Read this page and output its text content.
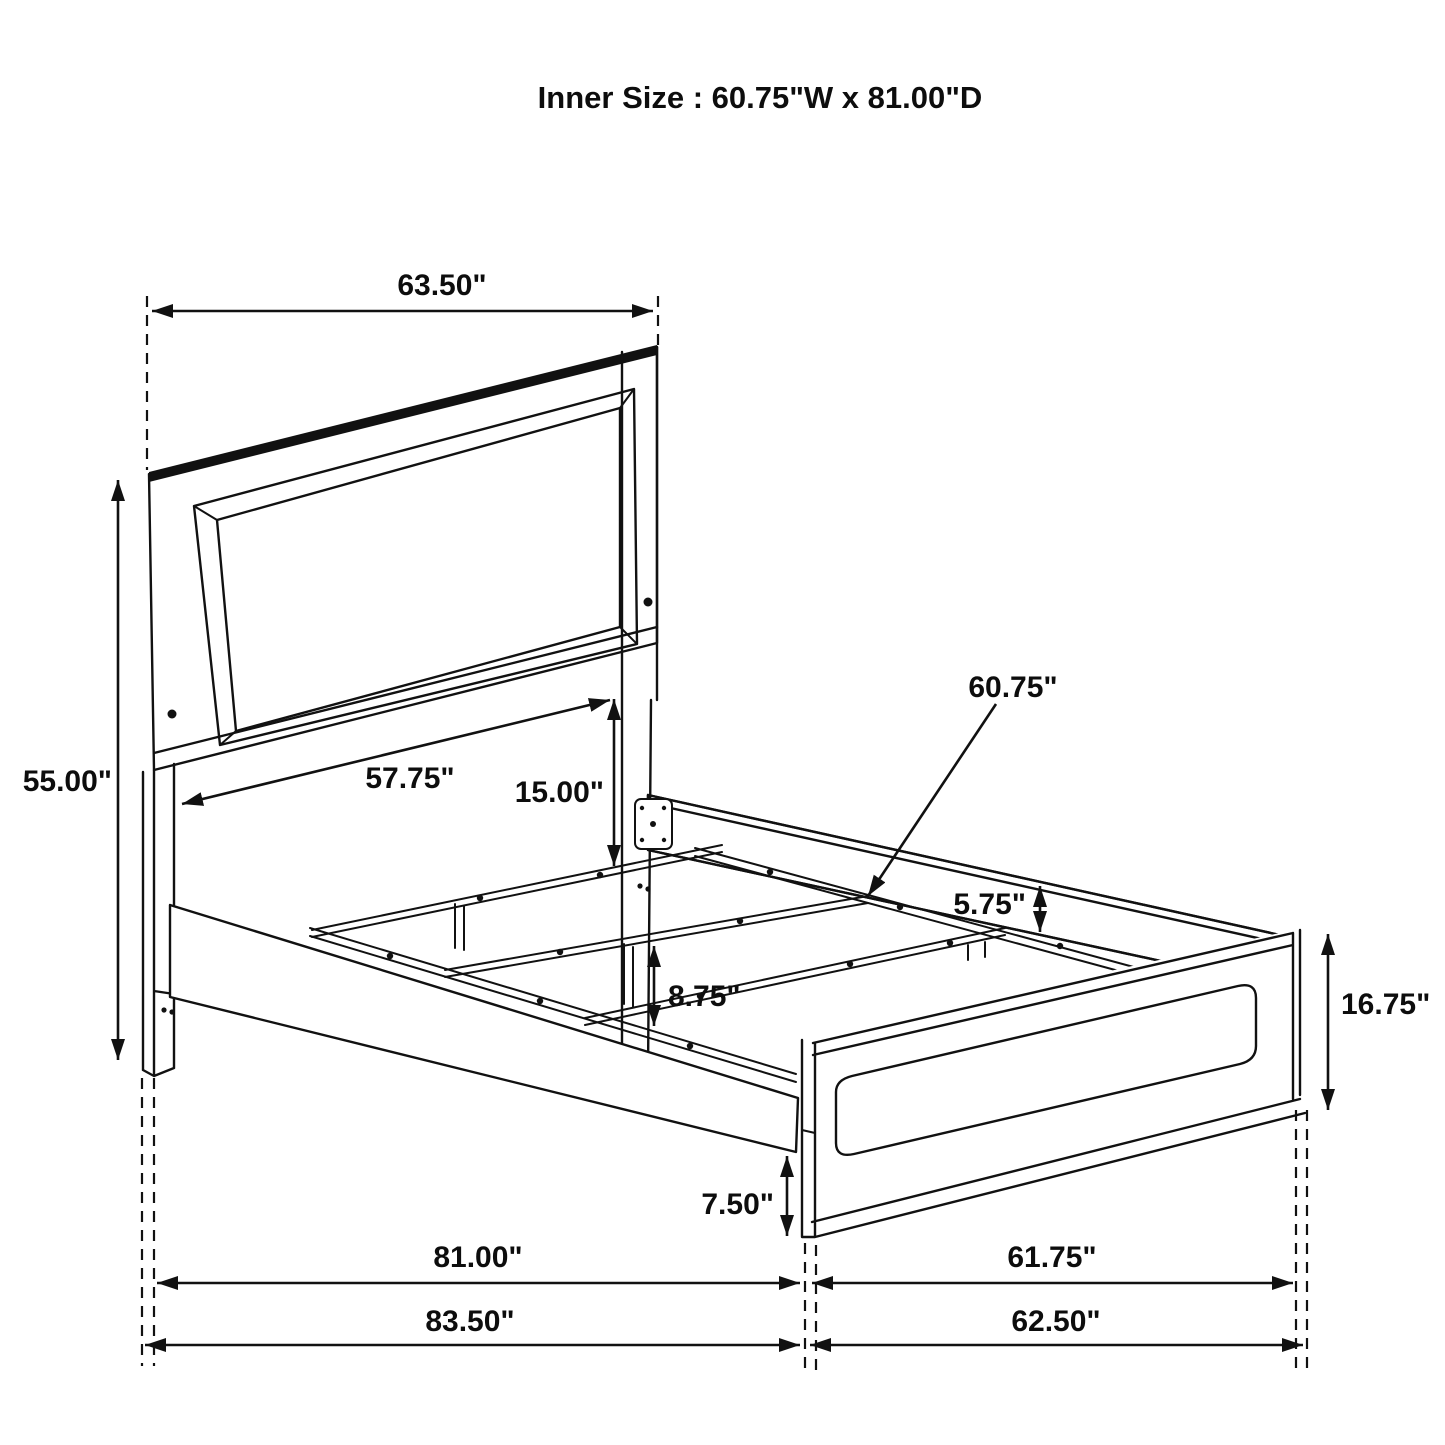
Inner Size : 60.75"W x 81.00"D
63.50"
55.00"	57.75" 15.00"
60.75"
5.75"
8.75"	16.75"
7.50"
81.00"	61.75"
83.50"	62.50"
